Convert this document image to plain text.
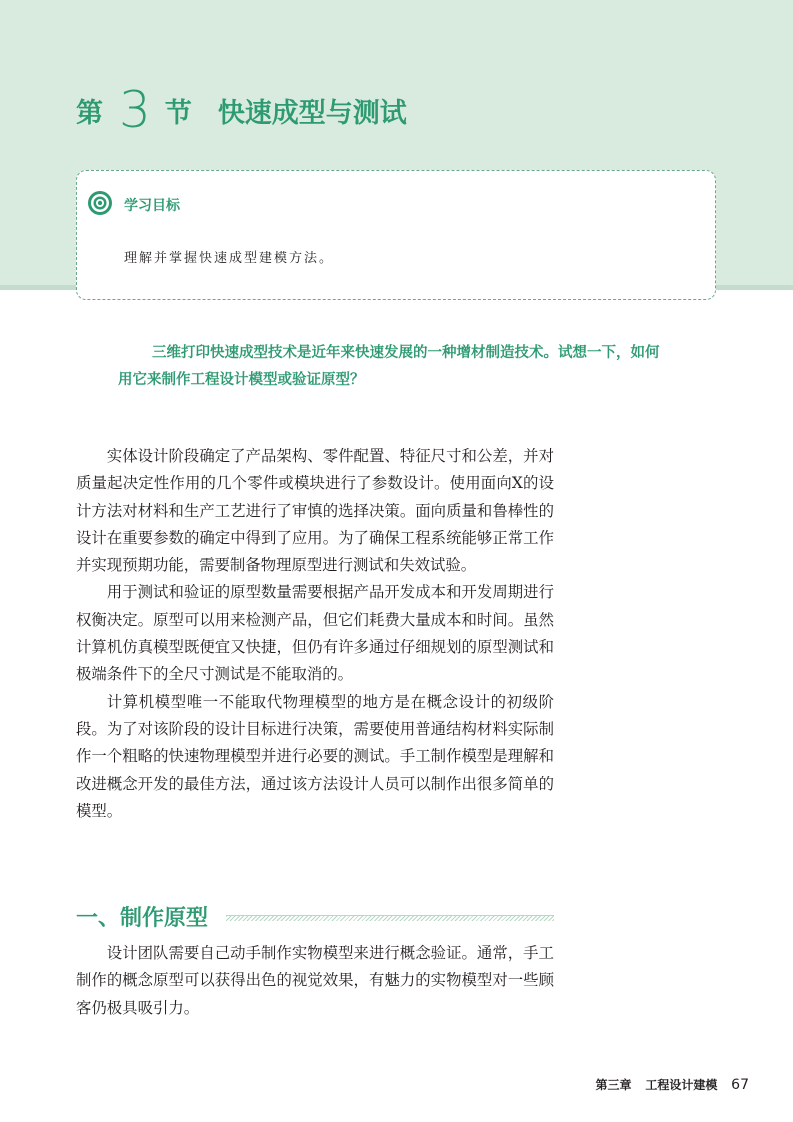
第 3 节 快速成型与测试
学习目标
理解并掌握快速成型建模方法。
三维打印快速成型技术是近年来快速发展的一种增材制造技术。试想一下，如何
用它来制作工程设计模型或验证原型？

实体设计阶段确定了产品架构、零件配置、特征尺寸和公差，并对质量起决定性作用的几个零件或模块进行了参数设计。使用面向X的设计方法对材料和生产工艺进行了审慎的选择决策。面向质量和鲁棒性的设计在重要参数的确定中得到了应用。为了确保工程系统能够正常工作并实现预期功能，需要制备物理原型进行测试和失效试验。

用于测试和验证的原型数量需要根据产品开发成本和开发周期进行权衡决定。原型可以用来检测产品，但它们耗费大量成本和时间。虽然计算机仿真模型既便宜又快捷，但仍有许多通过仔细规划的原型测试和极端条件下的全尺寸测试是不能取消的。

计算机模型唯一不能取代物理模型的地方是在概念设计的初级阶段。为了对该阶段的设计目标进行决策，需要使用普通结构材料实际制作一个粗略的快速物理模型并进行必要的测试。手工制作模型是理解和改进概念开发的最佳方法，通过该方法设计人员可以制作出很多简单的模型。

一、制作原型

设计团队需要自己动手制作实物模型来进行概念验证。通常，手工制作的概念原型可以获得出色的视觉效果，有魅力的实物模型对一些顾客仍极具吸引力。

第三章 工程设计建模 67
